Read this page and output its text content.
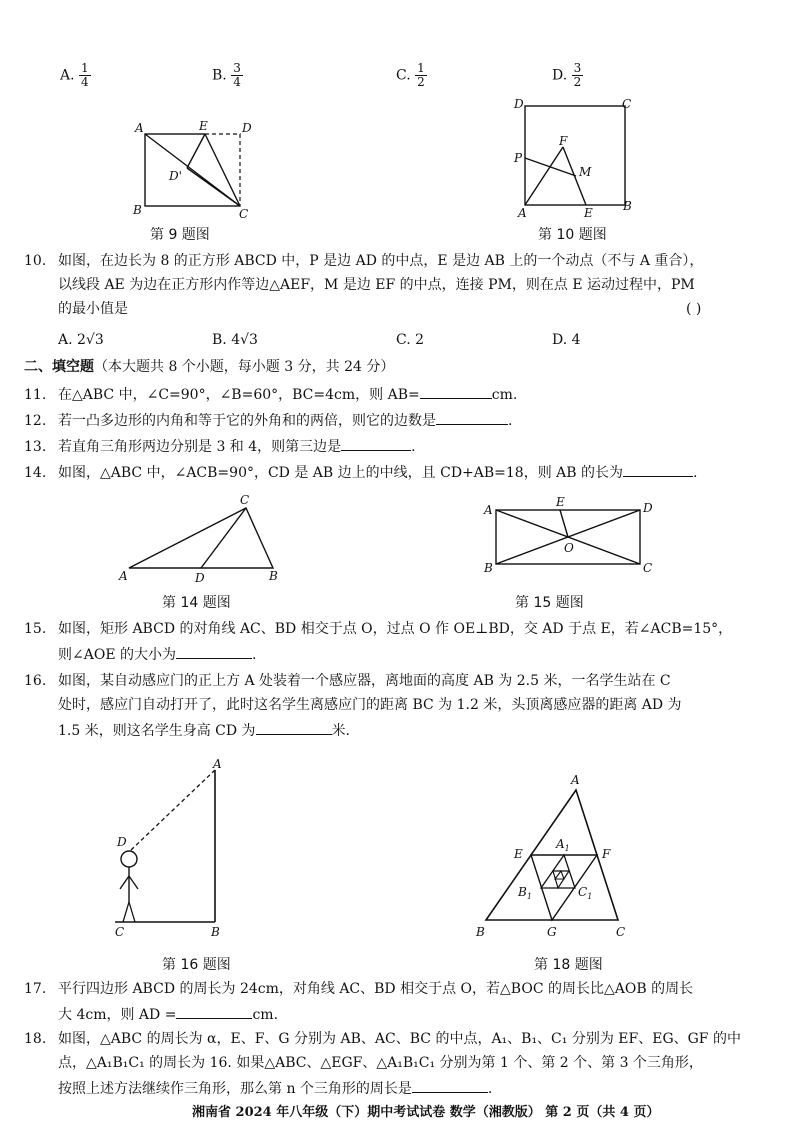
A. $\frac{1}{4}$	B. $\frac{3}{4}$	C. $\frac{1}{2}$	D. $\frac{3}{2}$
A	E	D
D'
B	C
第 9 题图
D	C
F
P
M
A	E	B
第 10 题图
10. 如图，在边长为 8 的正方形 ABCD 中，P 是边 AD 的中点，E 是边 AB 上的一个动点（不与 A 重合），
以线段 AE 为边在正方形内作等边△AEF，M 是边 EF 的中点，连接 PM，则在点 E 运动过程中，PM
的最小值是	( )
A. 2√3	B. 4√3	C. 2	D. 4
二、填空题（本大题共 8 个小题，每小题 3 分，共 24 分）
11. 在△ABC 中，∠C=90°，∠B=60°，BC=4cm，则 AB=	cm.
12. 若一凸多边形的内角和等于它的外角和的两倍，则它的边数是	.
13. 若直角三角形两边分别是 3 和 4，则第三边是	.
14. 如图，△ABC 中，∠ACB=90°，CD 是 AB 边上的中线，且 CD+AB=18，则 AB 的长为	.
C
A	D	B
第 14 题图
A
E	D
O
B	C
第 15 题图
15. 如图，矩形 ABCD 的对角线 AC、BD 相交于点 O，过点 O 作 OE⊥BD，交 AD 于点 E，若∠ACB=15°，
则∠AOE 的大小为	.
16. 如图，某自动感应门的正上方 A 处装着一个感应器，离地面的高度 AB 为 2.5 米，一名学生站在 C
处时，感应门自动打开了，此时这名学生离感应门的距离 BC 为 1.2 米，头顶离感应器的距离 AD 为
1.5 米，则这名学生身高 CD 为	米.
A
D
C	B
第 16 题图
A
$A_1$
E	F
$B_1$	$C_1$
B	G	C
第 18 题图
17. 平行四边形 ABCD 的周长为 24cm，对角线 AC、BD 相交于点 O，若△BOC 的周长比△AOB 的周长
大 4cm，则 AD =	cm.
18. 如图，△ABC 的周长为 α，E、F、G 分别为 AB、AC、BC 的中点，A₁、B₁、C₁ 分别为 EF、EG、GF 的中
点，△A₁B₁C₁ 的周长为 16. 如果△ABC、△EGF、△A₁B₁C₁ 分别为第 1 个、第 2 个、第 3 个三角形，
按照上述方法继续作三角形，那么第 n 个三角形的周长是	.
湘南省 2024 年八年级（下）期中考试试卷 数学（湘教版） 第 2 页（共 4 页）
